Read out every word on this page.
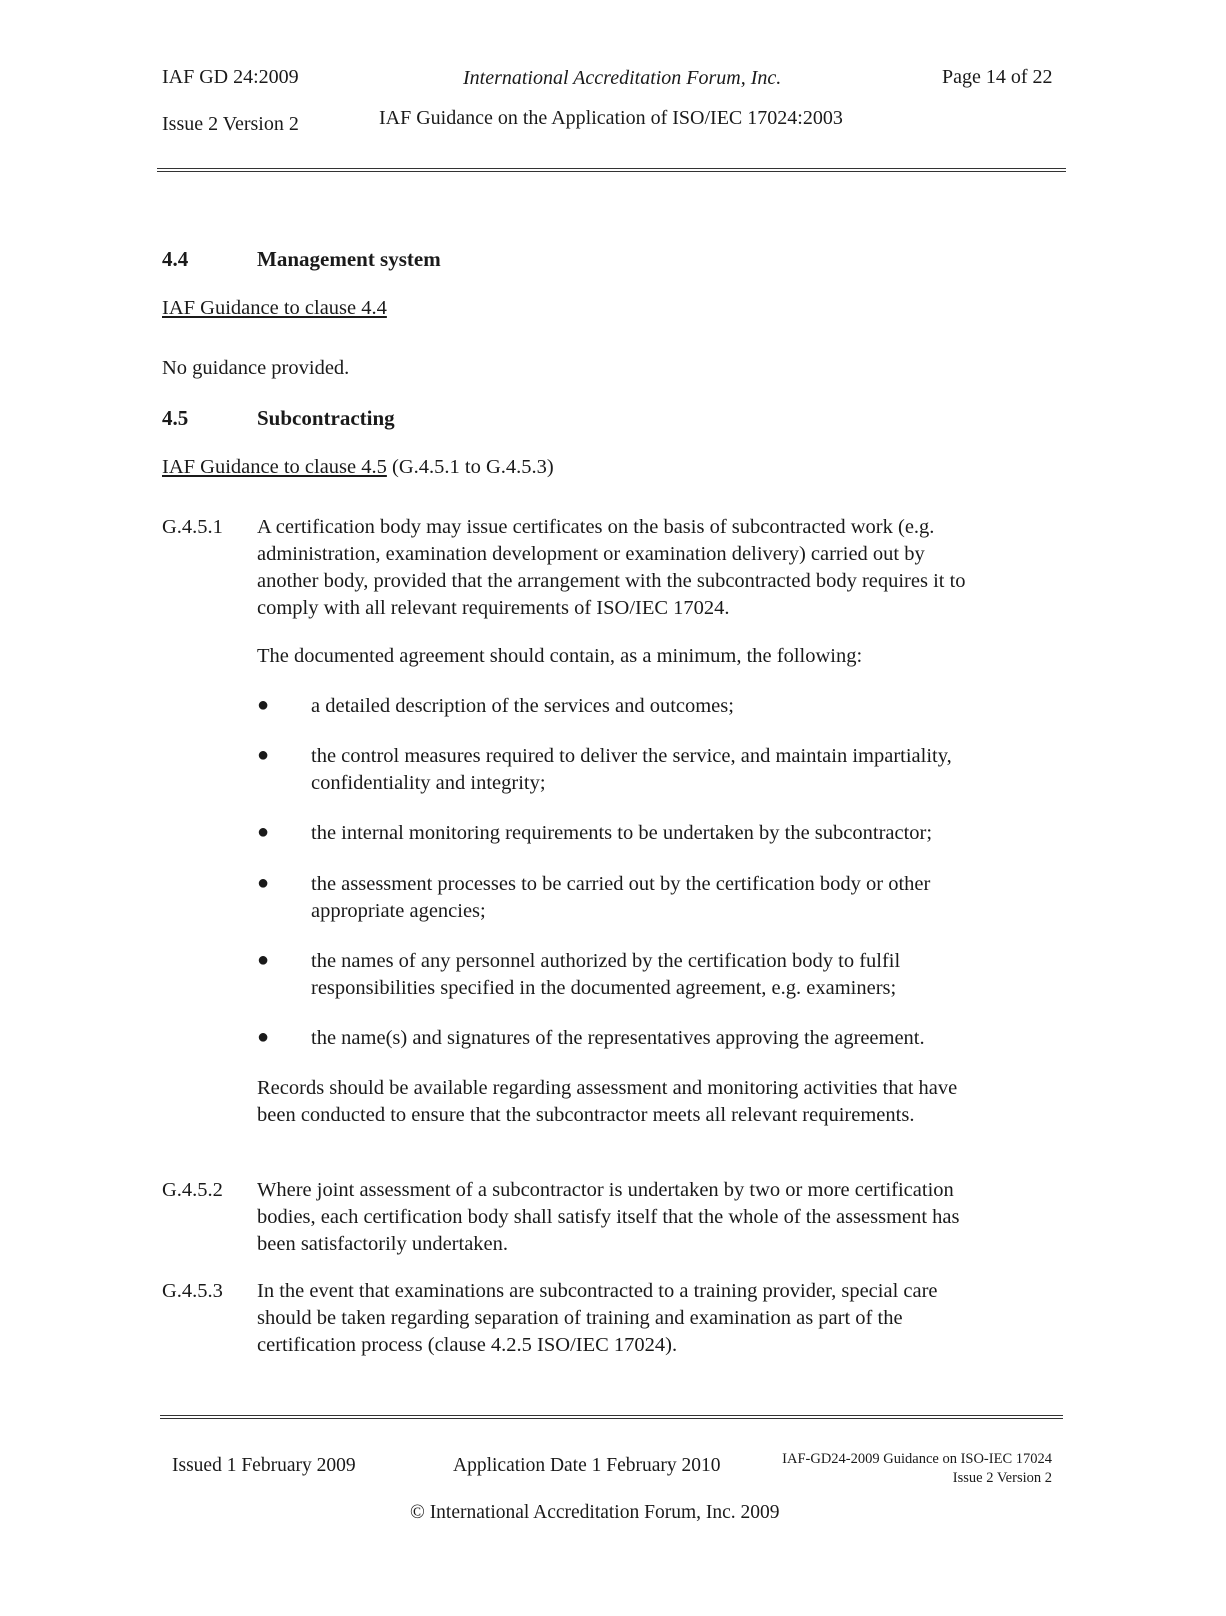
IAF GD 24:2009	International Accreditation Forum, Inc.	Page 14 of 22
Issue 2 Version 2	IAF Guidance on the Application of ISO/IEC 17024:2003
4.4	Management system
IAF Guidance to clause 4.4
No guidance provided.
4.5	Subcontracting
IAF Guidance to clause 4.5 (G.4.5.1 to G.4.5.3)
G.4.5.1 A certification body may issue certificates on the basis of subcontracted work (e.g.
administration, examination development or examination delivery) carried out by
another body, provided that the arrangement with the subcontracted body requires it to
comply with all relevant requirements of ISO/IEC 17024.
The documented agreement should contain, as a minimum, the following:
● a detailed description of the services and outcomes;
● the control measures required to deliver the service, and maintain impartiality,
confidentiality and integrity;
● the internal monitoring requirements to be undertaken by the subcontractor;
● the assessment processes to be carried out by the certification body or other
appropriate agencies;
● the names of any personnel authorized by the certification body to fulfil
responsibilities specified in the documented agreement, e.g. examiners;
● the name(s) and signatures of the representatives approving the agreement.
Records should be available regarding assessment and monitoring activities that have
been conducted to ensure that the subcontractor meets all relevant requirements.
G.4.5.2 Where joint assessment of a subcontractor is undertaken by two or more certification
bodies, each certification body shall satisfy itself that the whole of the assessment has
been satisfactorily undertaken.
G.4.5.3 In the event that examinations are subcontracted to a training provider, special care
should be taken regarding separation of training and examination as part of the
certification process (clause 4.2.5 ISO/IEC 17024).
Issued 1 February 2009	Application Date 1 February 2010	IAF-GD24-2009 Guidance on ISO-IEC 17024
Issue 2 Version 2
© International Accreditation Forum, Inc. 2009
